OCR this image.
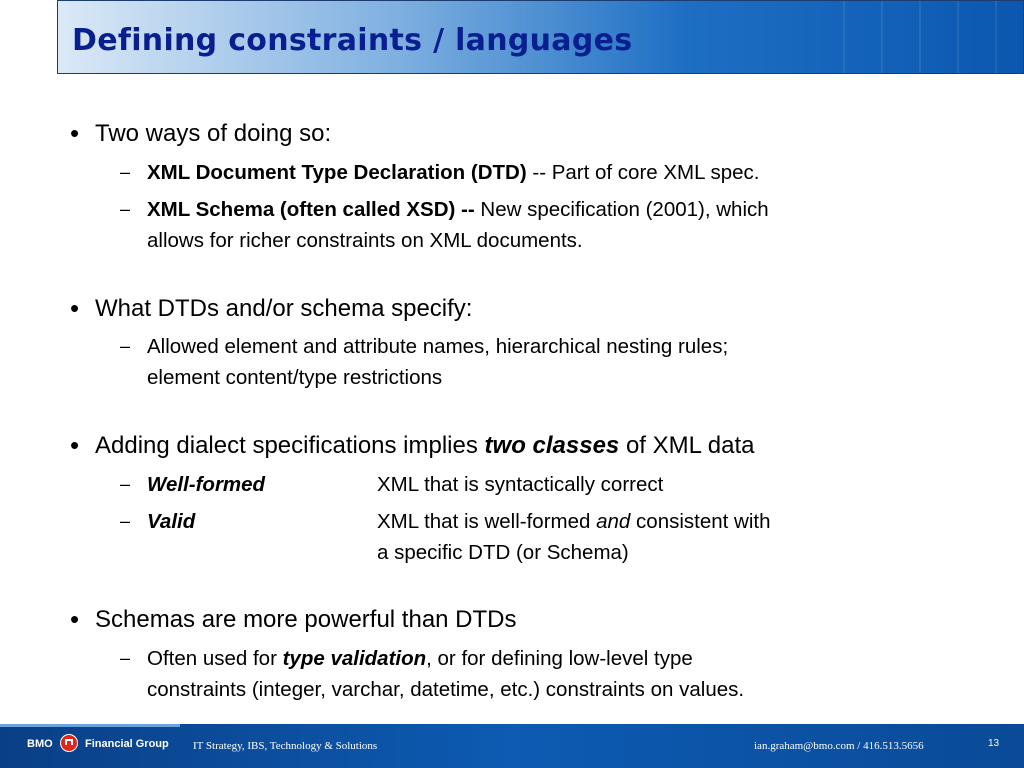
Defining constraints / languages
• Two ways of doing so:
– XML Document Type Declaration (DTD) -- Part of core XML spec.
– XML Schema (often called XSD) -- New specification (2001), which
allows for richer constraints on XML documents.
• What DTDs and/or schema specify:
– Allowed element and attribute names, hierarchical nesting rules;
element content/type restrictions
• Adding dialect specifications implies two classes of XML data
– Well-formed	XML that is syntactically correct
– Valid	XML that is well-formed and consistent with
a specific DTD (or Schema)
• Schemas are more powerful than DTDs
– Often used for type validation, or for defining low-level type
constraints (integer, varchar, datetime, etc.) constraints on values.
BMO	Financial Group IT Strategy, IBS, Technology & Solutions	ian.graham@bmo.com / 416.513.5656	13
